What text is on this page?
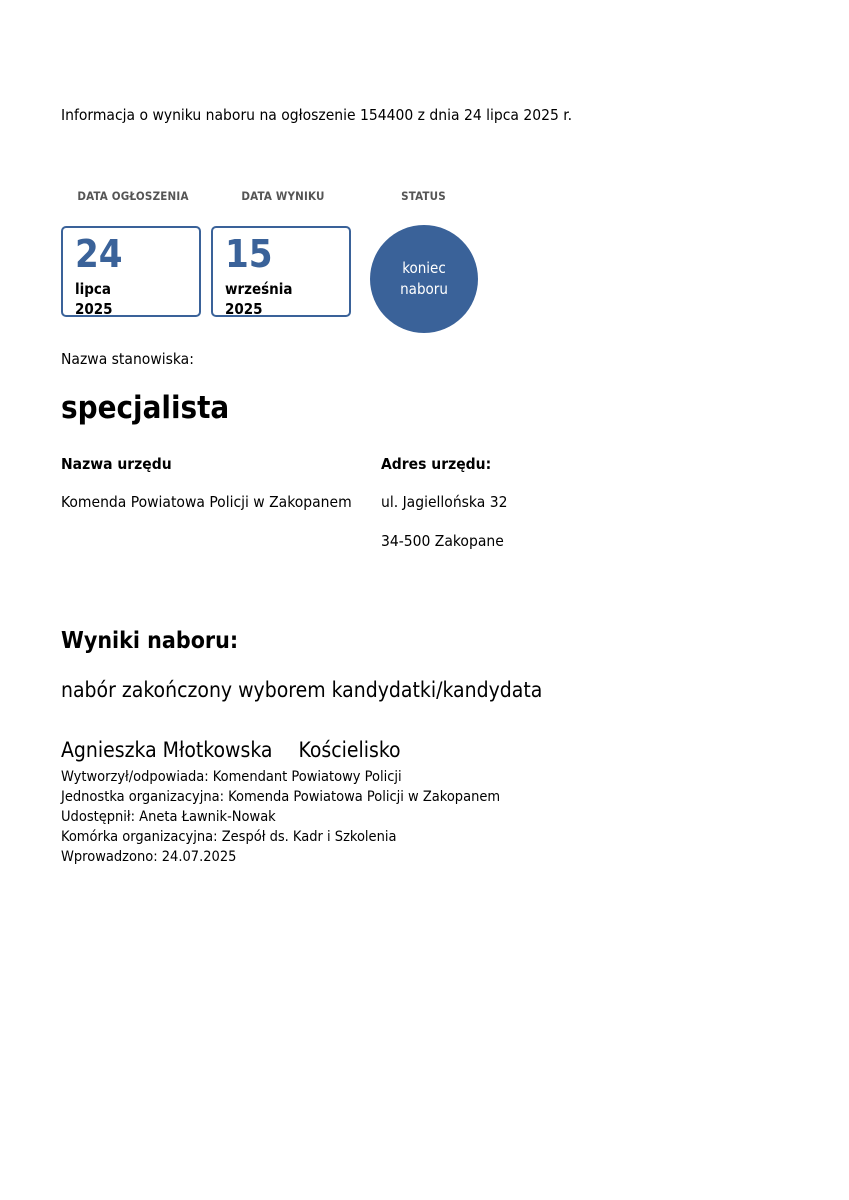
Informacja o wyniku naboru na ogłoszenie 154400 z dnia 24 lipca 2025 r.
DATA OGŁOSZENIA	DATA WYNIKU	STATUS
24
lipca
2025
15
września
2025
koniec
naboru
Nazwa stanowiska:
specjalista
Nazwa urzędu
Komenda Powiatowa Policji w Zakopanem
Adres urzędu:
ul. Jagiellońska 32
34-500 Zakopane
Wyniki naboru:
nabór zakończony wyborem kandydatki/kandydata
Agnieszka Młotkowska Kościelisko
Wytworzył/odpowiada: Komendant Powiatowy Policji
Jednostka organizacyjna: Komenda Powiatowa Policji w Zakopanem
Udostępnił: Aneta Ławnik-Nowak
Komórka organizacyjna: Zespół ds. Kadr i Szkolenia
Wprowadzono: 24.07.2025
